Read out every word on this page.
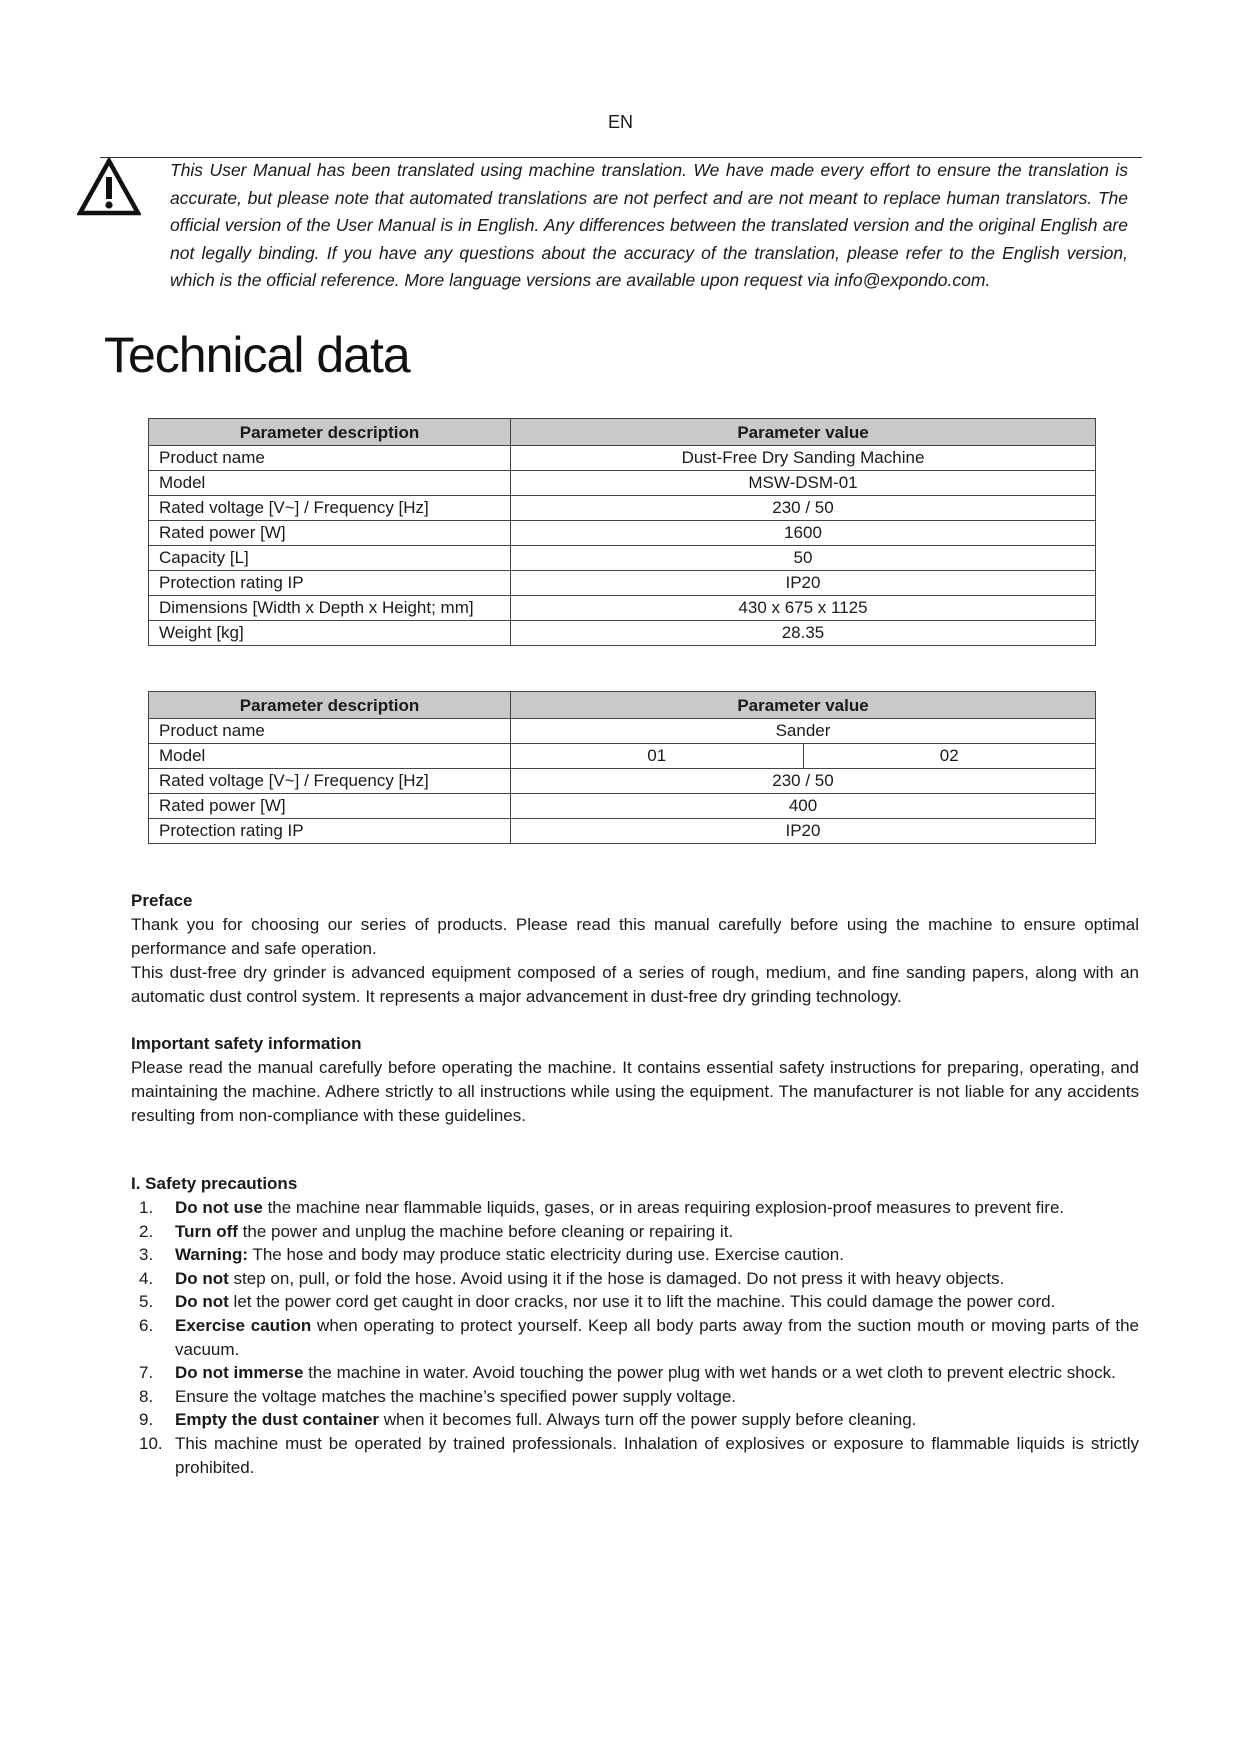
EN
This User Manual has been translated using machine translation. We have made every effort to ensure the translation is accurate, but please note that automated translations are not perfect and are not meant to replace human translators. The official version of the User Manual is in English. Any differences between the translated version and the original English are not legally binding. If you have any questions about the accuracy of the translation, please refer to the English version, which is the official reference. More language versions are available upon request via info@expondo.com.
Technical data
Parameter description	Parameter value
Product name	Dust-Free Dry Sanding Machine
Model	MSW-DSM-01
Rated voltage [V~] / Frequency [Hz]	230 / 50
Rated power [W]	1600
Capacity [L]	50
Protection rating IP	IP20
Dimensions [Width x Depth x Height; mm]	430 x 675 x 1125
Weight [kg]	28.35
Parameter description	Parameter value	
Product name	Sander	
Model	01	02
Rated voltage [V~] / Frequency [Hz]	230 / 50	
Rated power [W]	400	
Protection rating IP	IP20	
Preface

Thank you for choosing our series of products. Please read this manual carefully before using the machine to ensure optimal performance and safe operation.

This dust-free dry grinder is advanced equipment composed of a series of rough, medium, and fine sanding papers, along with an automatic dust control system. It represents a major advancement in dust-free dry grinding technology.

Important safety information

Please read the manual carefully before operating the machine. It contains essential safety instructions for preparing, operating, and maintaining the machine. Adhere strictly to all instructions while using the equipment. The manufacturer is not liable for any accidents resulting from non-compliance with these guidelines.

I. Safety precautions
1.	Do not use the machine near flammable liquids, gases, or in areas requiring explosion-proof measures to prevent fire.
2.	Turn off the power and unplug the machine before cleaning or repairing it.
3.	Warning: The hose and body may produce static electricity during use. Exercise caution.
4.	Do not step on, pull, or fold the hose. Avoid using it if the hose is damaged. Do not press it with heavy objects.
5.	Do not let the power cord get caught in door cracks, nor use it to lift the machine. This could damage the power cord.
6.	Exercise caution when operating to protect yourself. Keep all body parts away from the suction mouth or moving parts of the vacuum.
7.	Do not immerse the machine in water. Avoid touching the power plug with wet hands or a wet cloth to prevent electric shock.
8.	Ensure the voltage matches the machine’s specified power supply voltage.
9.	Empty the dust container when it becomes full. Always turn off the power supply before cleaning.
10. This machine must be operated by trained professionals. Inhalation of explosives or exposure to flammable liquids is strictly prohibited.
